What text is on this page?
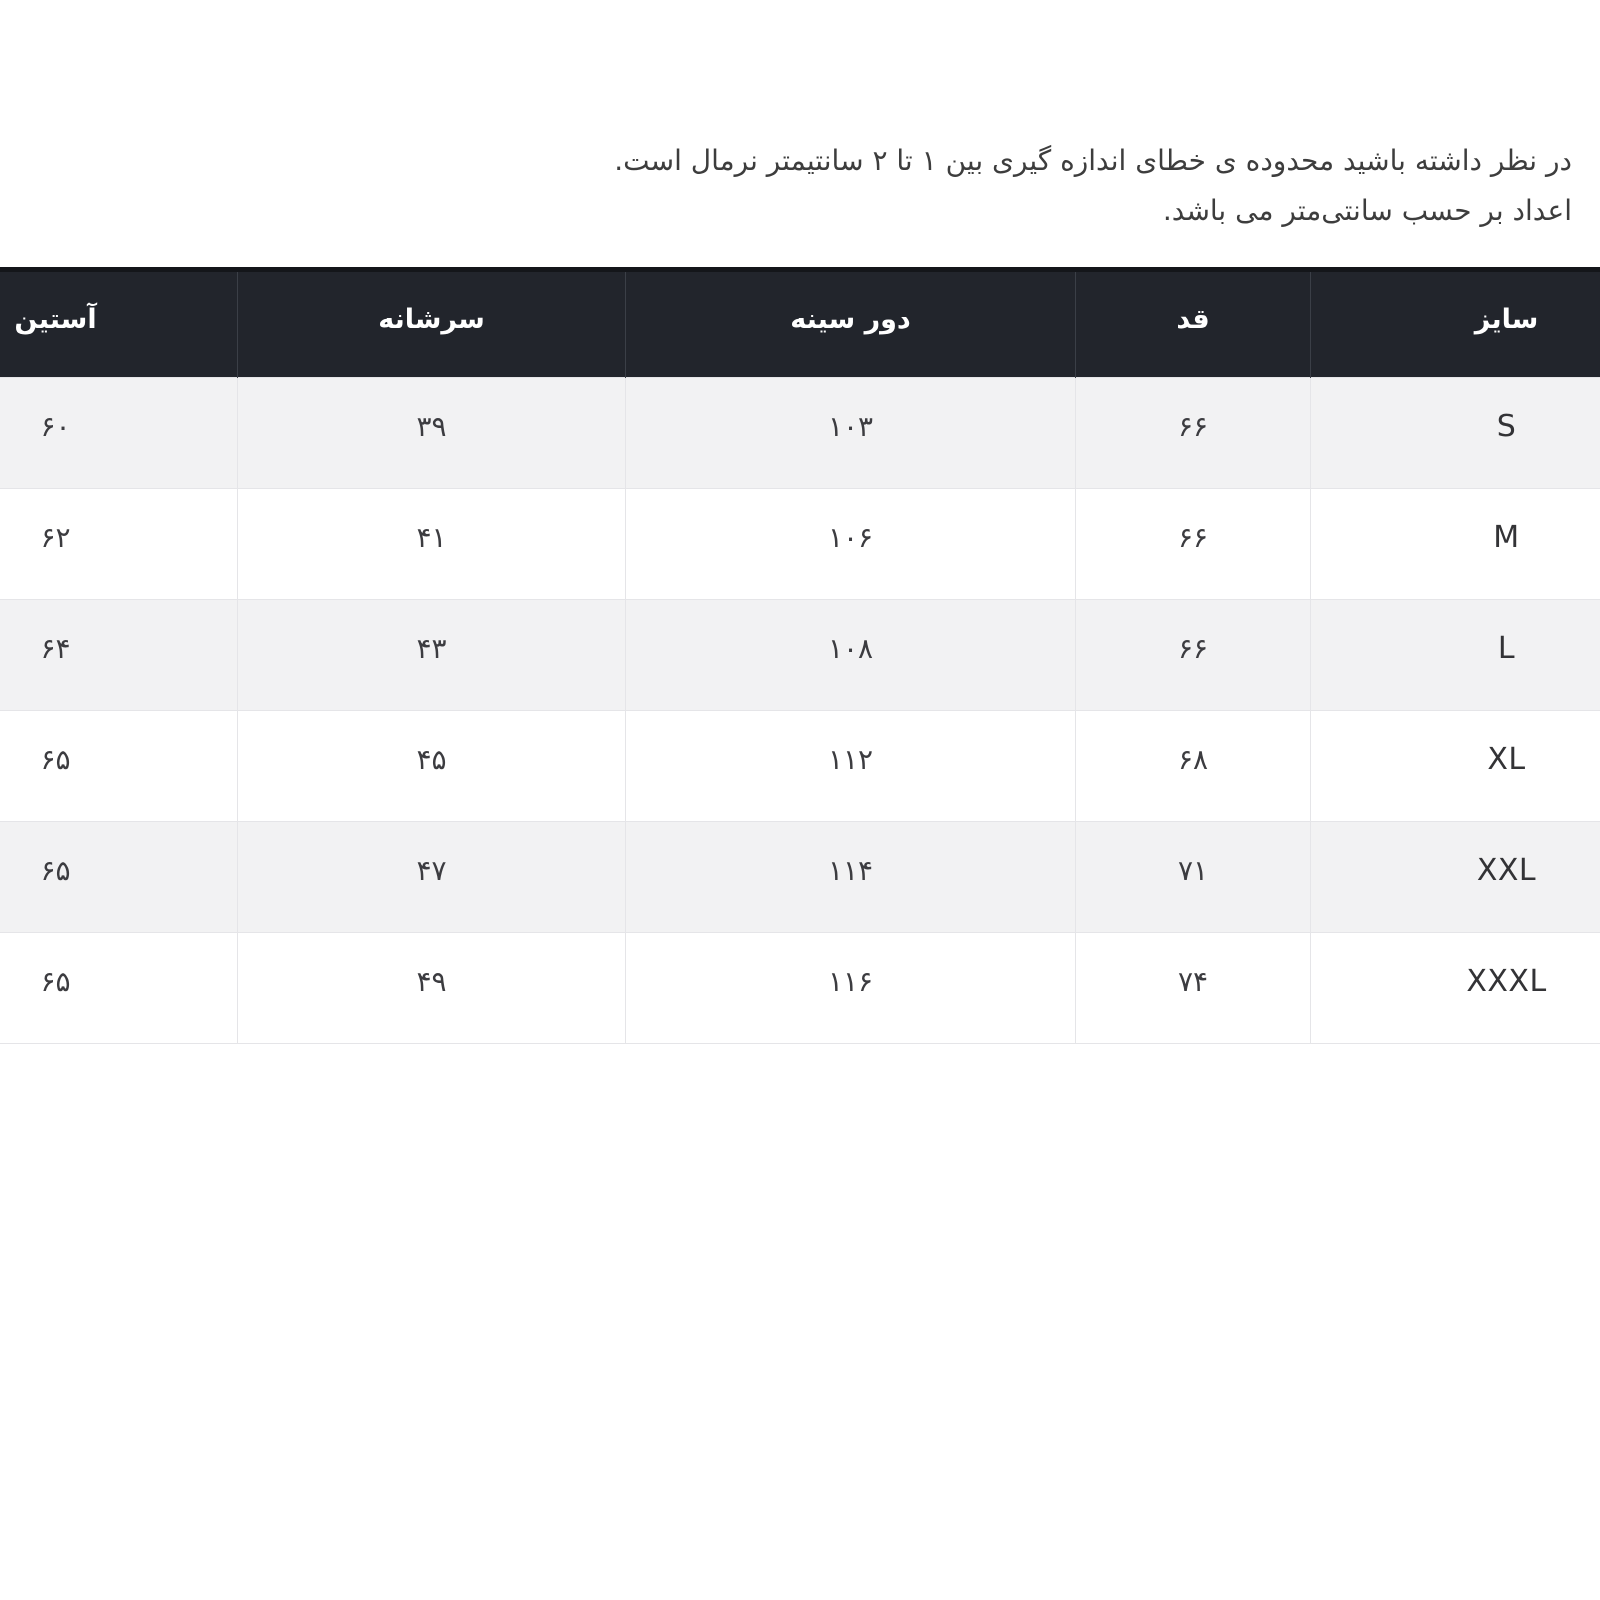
در نظر داشته باشید محدوده ی خطای اندازه گیری بین ۱ تا ۲ سانتیمتر نرمال است.

اعداد بر حسب سانتی‌متر می باشد.

سایز	قد	دور سینه	سرشانه	آستین
S	۶۶	۱۰۳	۳۹	۶۰
M	۶۶	۱۰۶	۴۱	۶۲
L	۶۶	۱۰۸	۴۳	۶۴
XL	۶۸	۱۱۲	۴۵	۶۵
XXL	۷۱	۱۱۴	۴۷	۶۵
XXXL	۷۴	۱۱۶	۴۹	۶۵
